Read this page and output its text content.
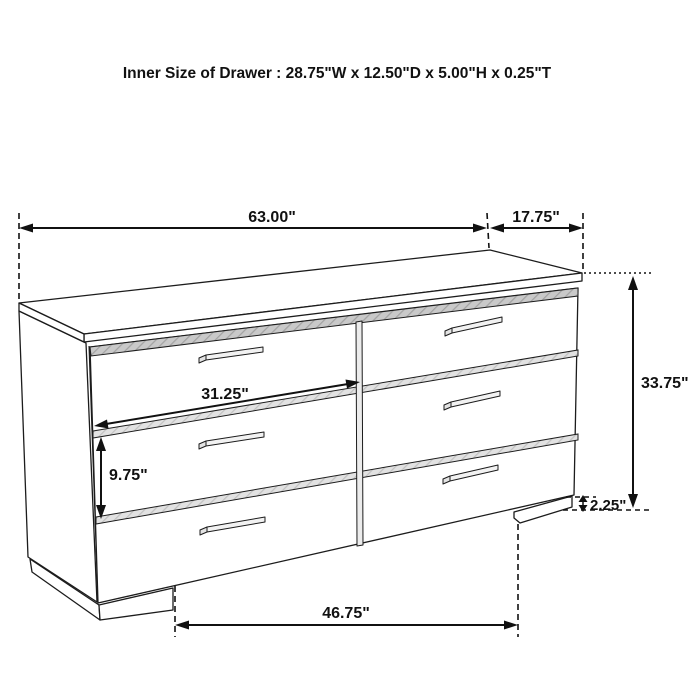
Inner Size of Drawer : 28.75"W x 12.50"D x 5.00"H x 0.25"T
63.00"	17.75"
33.75"
2.25"
9.75"
31.25"
46.75"
